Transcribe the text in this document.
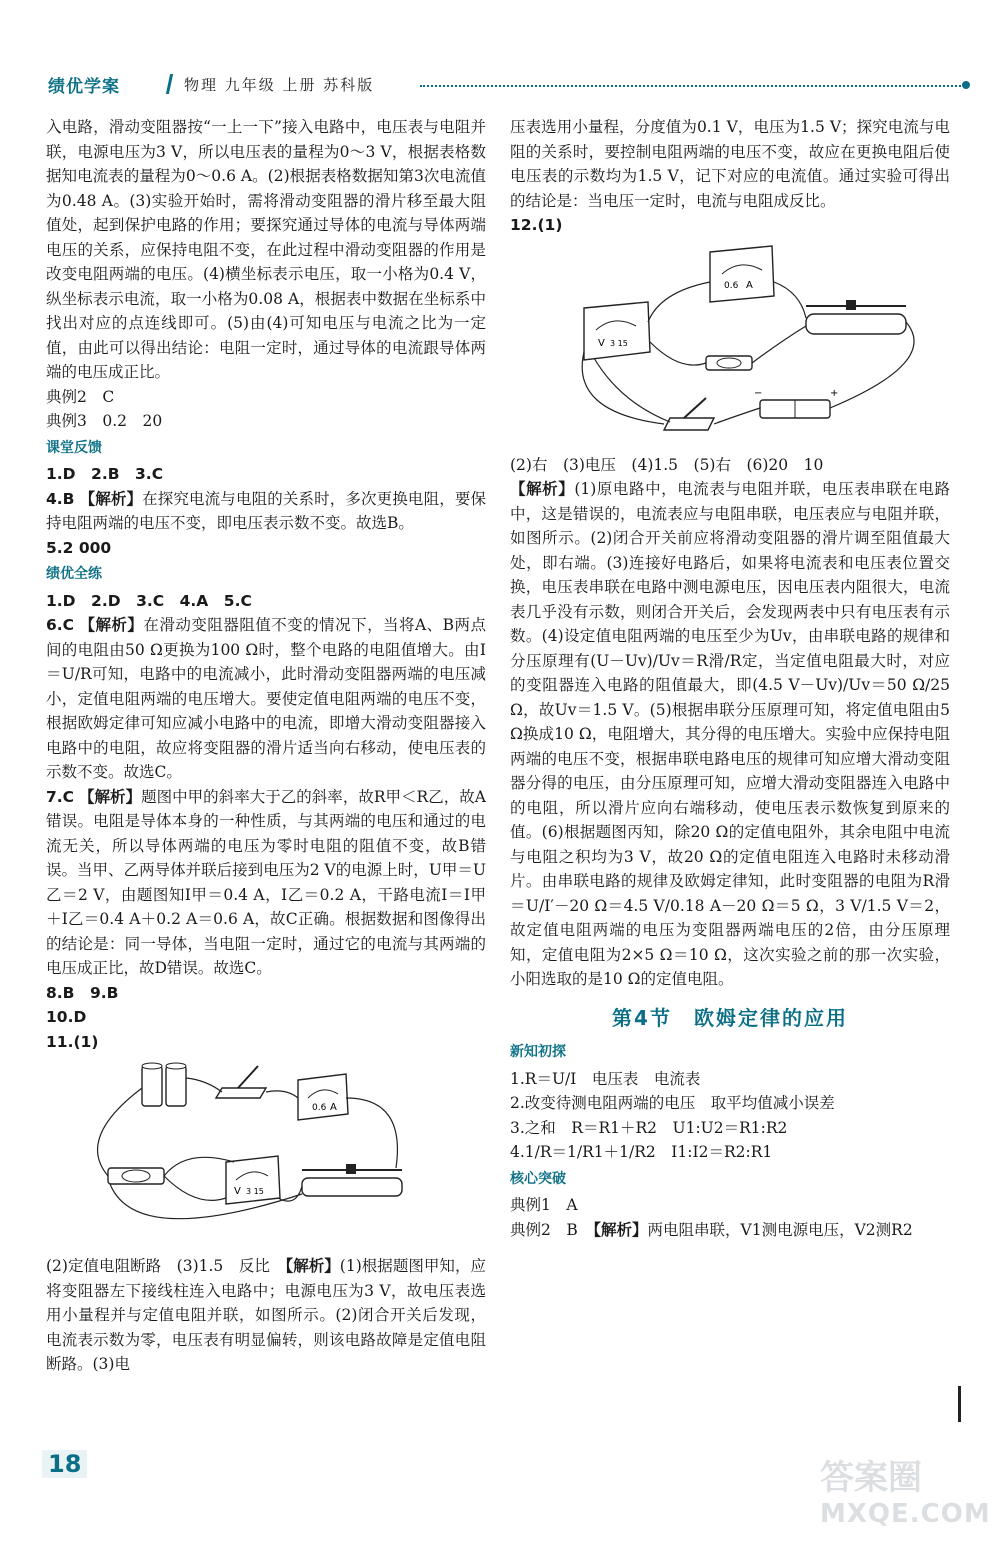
绩优学案	物理 九年级 上册 苏科版

入电路，滑动变阻器按“一上一下”接入电路中，电压表与电阻并联，电源电压为3 V，所以电压表的量程为0～3 V，根据表格数据知电流表的量程为0～0.6 A。(2)根据表格数据知第3次电流值为0.48 A。(3)实验开始时，需将滑动变阻器的滑片移至最大阻值处，起到保护电路的作用；要探究通过导体的电流与导体两端电压的关系，应保持电阻不变，在此过程中滑动变阻器的作用是改变电阻两端的电压。(4)横坐标表示电压，取一小格为0.4 V，纵坐标表示电流，取一小格为0.08 A，根据表中数据在坐标系中找出对应的点连线即可。(5)由(4)可知电压与电流之比为一定值，由此可以得出结论：电阻一定时，通过导体的电流跟导体两端的电压成正比。

典例2　C

典例3　0.2　20

课堂反馈

1.D　2.B　3.C

4.B 【解析】在探究电流与电阻的关系时，多次更换电阻，要保持电阻两端的电压不变，即电压表示数不变。故选B。

5.2 000

绩优全练

1.D　2.D　3.C　4.A　5.C

6.C 【解析】在滑动变阻器阻值不变的情况下，当将A、B两点间的电阻由50 Ω更换为100 Ω时，整个电路的电阻值增大。由I＝U/R可知，电路中的电流减小，此时滑动变阻器两端的电压减小，定值电阻两端的电压增大。要使定值电阻两端的电压不变，根据欧姆定律可知应减小电路中的电流，即增大滑动变阻器接入电路中的电阻，故应将变阻器的滑片适当向右移动，使电压表的示数不变。故选C。

7.C 【解析】题图中甲的斜率大于乙的斜率，故R甲＜R乙，故A错误。电阻是导体本身的一种性质，与其两端的电压和通过的电流无关，所以导体两端的电压为零时电阻的阻值不变，故B错误。当甲、乙两导体并联后接到电压为2 V的电源上时，U甲＝U乙＝2 V，由题图知I甲＝0.4 A，I乙＝0.2 A，干路电流I＝I甲＋I乙＝0.4 A＋0.2 A＝0.6 A，故C正确。根据数据和图像得出的结论是：同一导体，当电阻一定时，通过它的电流与其两端的电压成正比，故D错误。故选C。

8.B　9.B

10.D

11.(1)

0.6 A
V 3 15

(2)定值电阻断路　(3)1.5　反比　【解析】(1)根据题图甲知，应将变阻器左下接线柱连入电路中；电源电压为3 V，故电压表选用小量程并与定值电阻并联，如图所示。(2)闭合开关后发现，电流表示数为零，电压表有明显偏转，则该电路故障是定值电阻断路。(3)电

压表选用小量程，分度值为0.1 V，电压为1.5 V；探究电流与电阻的关系时，要控制电阻两端的电压不变，故应在更换电阻后使电压表的示数均为1.5 V，记下对应的电流值。通过实验可得出的结论是：当电压一定时，电流与电阻成反比。

12.(1)

0.6 A
V 3 15
−	+

(2)右　(3)电压　(4)1.5　(5)右　(6)20　10

【解析】(1)原电路中，电流表与电阻并联，电压表串联在电路中，这是错误的，电流表应与电阻串联，电压表应与电阻并联，如图所示。(2)闭合开关前应将滑动变阻器的滑片调至阻值最大处，即右端。(3)连接好电路后，如果将电流表和电压表位置交换，电压表串联在电路中测电源电压，因电压表内阻很大，电流表几乎没有示数，则闭合开关后，会发现两表中只有电压表有示数。(4)设定值电阻两端的电压至少为Uv，由串联电路的规律和分压原理有(U－Uv)/Uv＝R滑/R定，当定值电阻最大时，对应的变阻器连入电路的阻值最大，即(4.5 V－Uv)/Uv＝50 Ω/25 Ω，故Uv＝1.5 V。(5)根据串联分压原理可知，将定值电阻由5 Ω换成10 Ω，电阻增大，其分得的电压增大。实验中应保持电阻两端的电压不变，根据串联电路电压的规律可知应增大滑动变阻器分得的电压，由分压原理可知，应增大滑动变阻器连入电路中的电阻，所以滑片应向右端移动，使电压表示数恢复到原来的值。(6)根据题图丙知，除20 Ω的定值电阻外，其余电阻中电流与电阻之积均为3 V，故20 Ω的定值电阻连入电路时未移动滑片。由串联电路的规律及欧姆定律知，此时变阻器的电阻为R滑＝U/I′－20 Ω＝4.5 V/0.18 A－20 Ω＝5 Ω，3 V/1.5 V＝2，故定值电阻两端的电压为变阻器两端电压的2倍，由分压原理知，定值电阻为2×5 Ω＝10 Ω，这次实验之前的那一次实验，小阳选取的是10 Ω的定值电阻。

第4节　欧姆定律的应用

新知初探

1.R＝U/I　电压表　电流表

2.改变待测电阻两端的电压　取平均值减小误差

3.之和　R＝R1＋R2　U1:U2＝R1:R2

4.1/R＝1/R1＋1/R2　I1:I2＝R2:R1

核心突破

典例1　A

典例2　B　【解析】两电阻串联，V1测电源电压，V2测R2

18	答案圈
MXQE.COM
